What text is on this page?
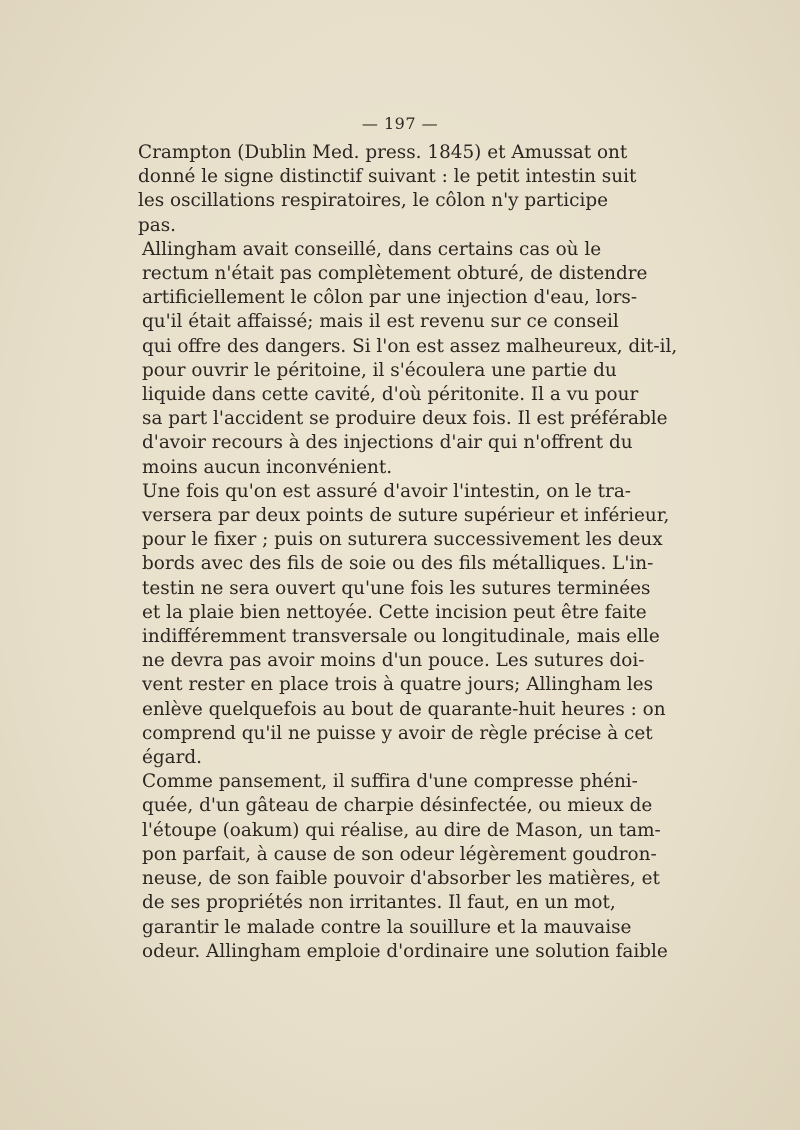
— 197 —

Crampton (Dublin Med. press. 1845) et Amussat ont
donné le signe distinctif suivant : le petit intestin suit
les oscillations respiratoires, le côlon n'y participe
pas.

Allingham avait conseillé, dans certains cas où le
rectum n'était pas complètement obturé, de distendre
artificiellement le côlon par une injection d'eau, lors-
qu'il était affaissé; mais il est revenu sur ce conseil
qui offre des dangers. Si l'on est assez malheureux, dit-il,
pour ouvrir le péritoine, il s'écoulera une partie du
liquide dans cette cavité, d'où péritonite. Il a vu pour
sa part l'accident se produire deux fois. Il est préférable
d'avoir recours à des injections d'air qui n'offrent du
moins aucun inconvénient.

Une fois qu'on est assuré d'avoir l'intestin, on le tra-
versera par deux points de suture supérieur et inférieur,
pour le fixer ; puis on suturera successivement les deux
bords avec des fils de soie ou des fils métalliques. L'in-
testin ne sera ouvert qu'une fois les sutures terminées
et la plaie bien nettoyée. Cette incision peut être faite
indifféremment transversale ou longitudinale, mais elle
ne devra pas avoir moins d'un pouce. Les sutures doi-
vent rester en place trois à quatre jours; Allingham les
enlève quelquefois au bout de quarante-huit heures : on
comprend qu'il ne puisse y avoir de règle précise à cet
égard.

Comme pansement, il suffira d'une compresse phéni-
quée, d'un gâteau de charpie désinfectée, ou mieux de
l'étoupe (oakum) qui réalise, au dire de Mason, un tam-
pon parfait, à cause de son odeur légèrement goudron-
neuse, de son faible pouvoir d'absorber les matières, et
de ses propriétés non irritantes. Il faut, en un mot,
garantir le malade contre la souillure et la mauvaise
odeur. Allingham emploie d'ordinaire une solution faible
